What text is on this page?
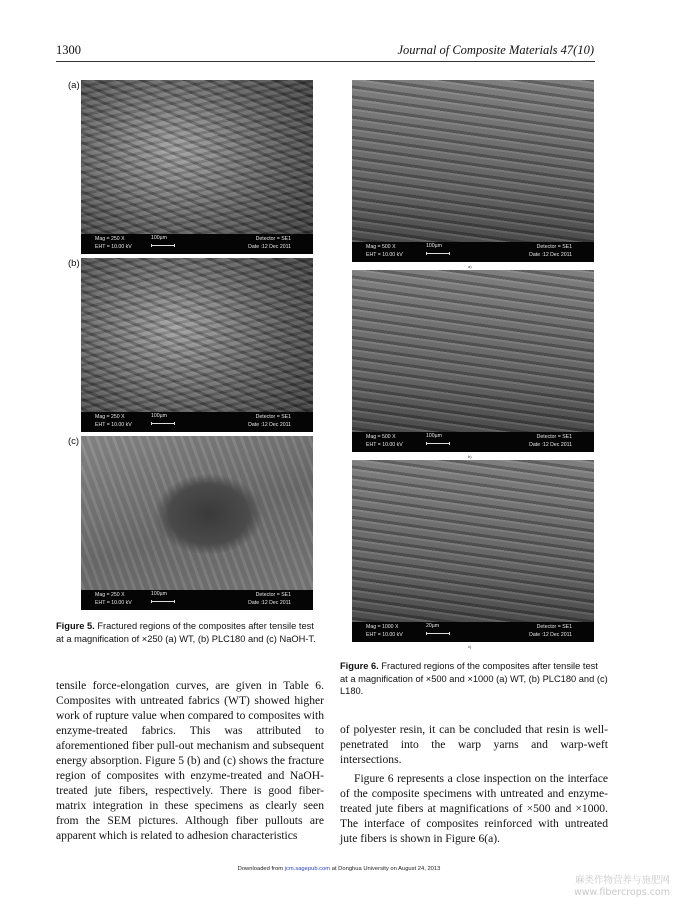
1300	Journal of Composite Materials 47(10)
(a)
Mag = 250 X
EHT = 10.00 kV
100µm	Detector = SE1
Date :12 Dec 2011
(b)
Mag = 250 X
EHT = 10.00 kV
100µm	Detector = SE1
Date :12 Dec 2011
(c)
Mag = 250 X
EHT = 10.00 kV
100µm	Detector = SE1
Date :12 Dec 2011
Figure 5. Fractured regions of the composites after tensile test at a magnification of ×250 (a) WT, (b) PLC180 and (c) NaOH-T.
Mag = 500 X
EHT = 10.00 kV
100µm	Detector = SE1
Date :12 Dec 2011
a)
Mag = 500 X
EHT = 10.00 kV
100µm	Detector = SE1
Date :12 Dec 2011
b)
Mag = 1000 X
EHT = 10.00 kV
20µm	Detector = SE1
Date :12 Dec 2011
c)
Figure 6. Fractured regions of the composites after tensile test at a magnification of ×500 and ×1000 (a) WT, (b) PLC180 and (c) L180.

tensile force-elongation curves, are given in Table 6. Composites with untreated fabrics (WT) showed higher work of rupture value when compared to composites with enzyme-treated fabrics. This was attributed to aforementioned fiber pull-out mechanism and subsequent energy absorption. Figure 5 (b) and (c) shows the fracture region of composites with enzyme-treated and NaOH-treated jute fibers, respectively. There is good fiber-matrix integration in these specimens as clearly seen from the SEM pictures. Although fiber pullouts are apparent which is related to adhesion characteristics

of polyester resin, it can be concluded that resin is well-penetrated into the warp yarns and warp-weft intersections.

Figure 6 represents a close inspection on the interface of the composite specimens with untreated and enzyme-treated jute fibers at magnifications of ×500 and ×1000. The interface of composites reinforced with untreated jute fibers is shown in Figure 6(a).

Downloaded from jcm.sagepub.com at Donghua University on August 24, 2013
麻类作物营养与施肥网
www.fibercrops.com
